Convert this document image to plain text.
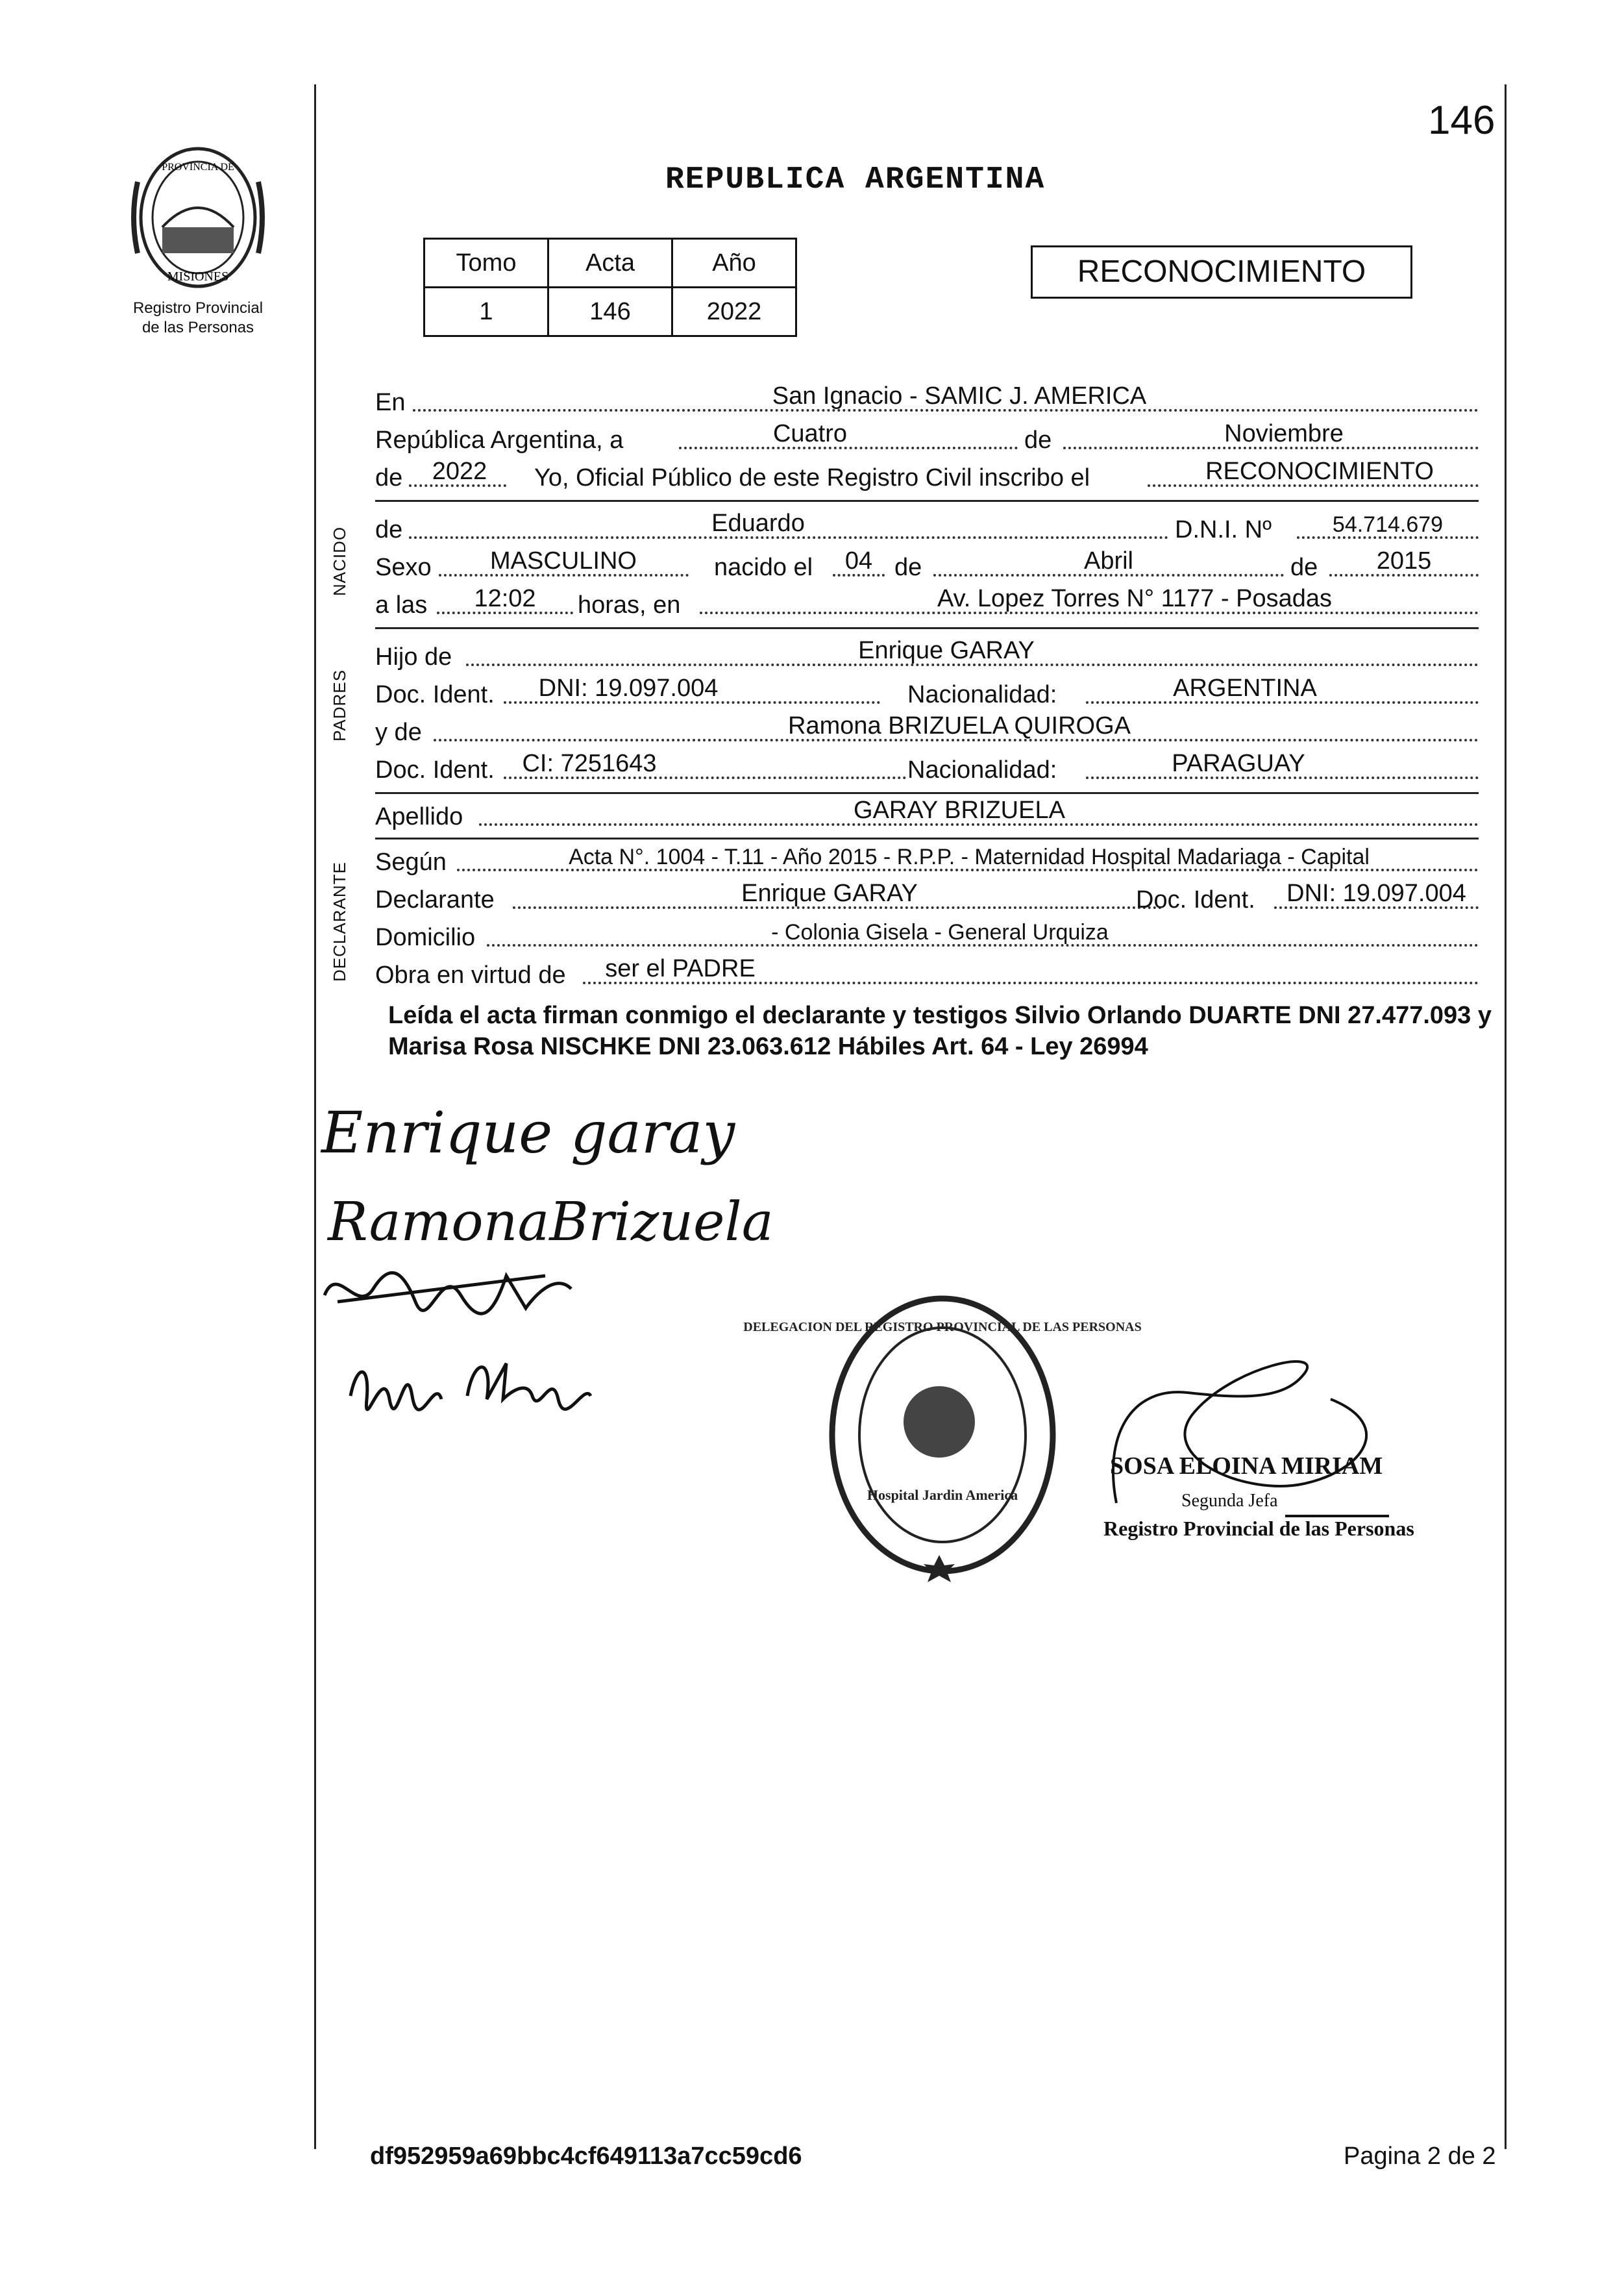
PROVINCIA DE
MISIONES
Registro Provincial
de las Personas
146
REPUBLICA ARGENTINA
Tomo	Acta	Año
1	146	2022
RECONOCIMIENTO
En	San Ignacio - SAMIC J. AMERICA
República Argentina, a	Cuatro	de	Noviembre
de	2022	Yo, Oficial Público de este Registro Civil inscribo el	RECONOCIMIENTO
NACIDO de	Eduardo	D.N.I. Nº	54.714.679
Sexo	MASCULINO	nacido el	04 de	Abril	de	2015
a las	12:02	horas, en	Av. Lopez Torres N° 1177 - Posadas
PADRES
Hijo de	Enrique GARAY
Doc. Ident.	DNI: 19.097.004	Nacionalidad:	ARGENTINA
y de	Ramona BRIZUELA QUIROGA
Doc. Ident.	CI: 7251643	Nacionalidad:	PARAGUAY
Apellido	GARAY BRIZUELA
DECLARANTE Según	Acta N°. 1004 - T.11 - Año 2015 - R.P.P. - Maternidad Hospital Madariaga - Capital
Declarante	Enrique GARAY	Doc. Ident.	DNI: 19.097.004
Domicilio	- Colonia Gisela - General Urquiza
Obra en virtud de	ser el PADRE
Leída el acta firman conmigo el declarante y testigos Silvio Orlando DUARTE DNI 27.477.093 y Marisa Rosa NISCHKE DNI 23.063.612 Hábiles Art. 64 - Ley 26994
Enrique garay
RamonaBrizuela
DELEGACION DEL REGISTRO PROVINCIAL DE LAS PERSONAS
Hospital Jardin America
SOSA ELOINA MIRIAM
Segunda Jefa
Registro Provincial de las Personas
df952959a69bbc4cf649113a7cc59cd6	Pagina 2 de 2
